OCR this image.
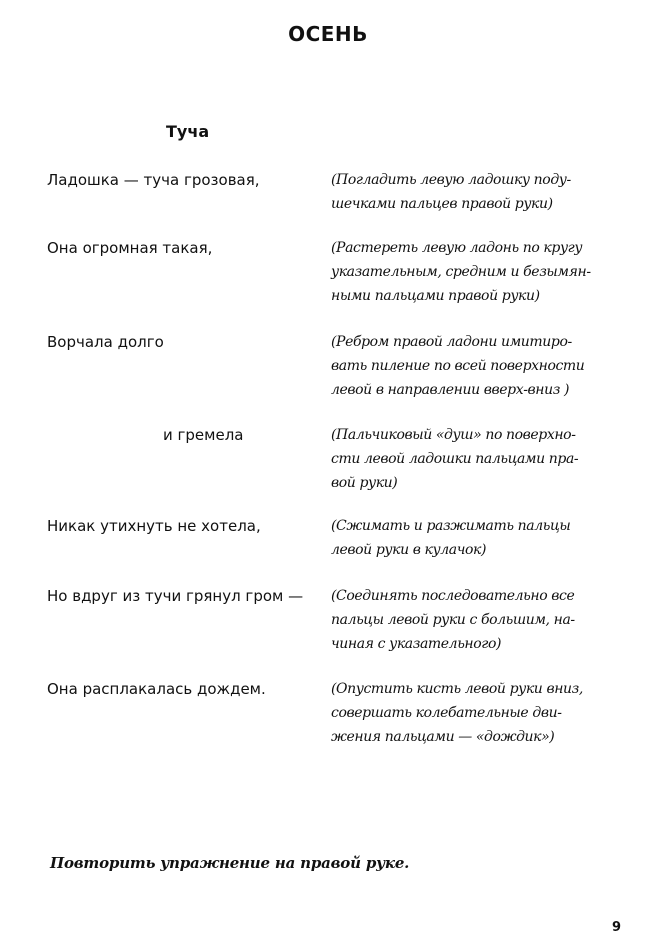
ОСЕНЬ
Туча
Ладошка — туча грозовая,	(Погладить левую ладошку поду-
шечками пальцев правой руки)
Она огромная такая,	(Растереть левую ладонь по кругу
указательным, средним и безымян-
ными пальцами правой руки)
Ворчала долго	(Ребром правой ладони имитиро-
вать пиление по всей поверхности
левой в направлении вверх-вниз )
и гремела	(Пальчиковый «душ» по поверхно-
сти левой ладошки пальцами пра-
вой руки)
Никак утихнуть не хотела,	(Сжимать и разжимать пальцы
левой руки в кулачок)
Но вдруг из тучи грянул гром — (Соединять последовательно все
пальцы левой руки с большим, на-
чиная с указательного)
Она расплакалась дождем.	(Опустить кисть левой руки вниз,
совершать колебательные дви-
жения пальцами — «дождик»)
Повторить упражнение на правой руке.
9
